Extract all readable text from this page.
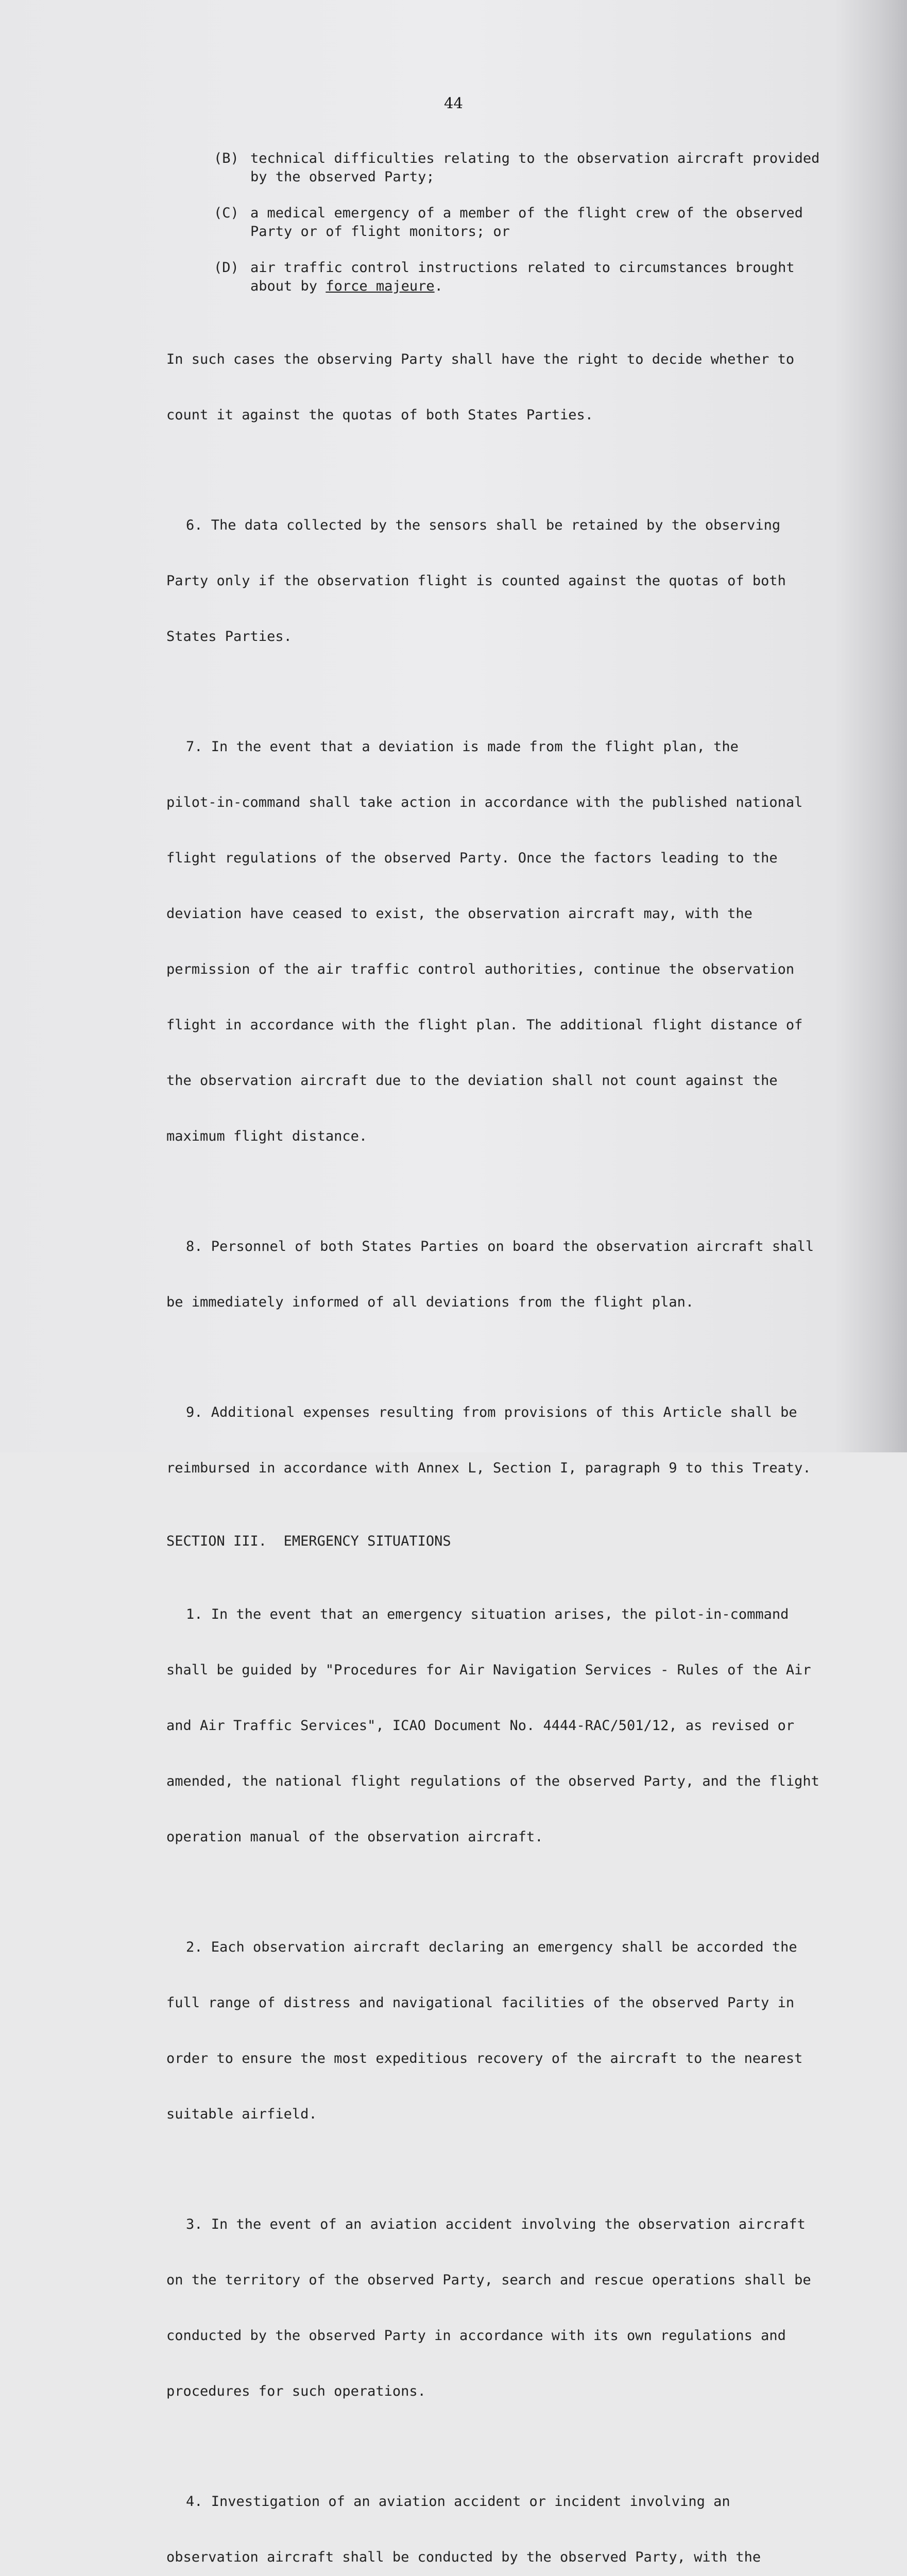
44
(B) technical difficulties relating to the observation aircraft provided
by the observed Party;
(C) a medical emergency of a member of the flight crew of the observed
Party or of flight monitors; or
(D) air traffic control instructions related to circumstances brought
about by force majeure.

In such cases the observing Party shall have the right to decide whether to

count it against the quotas of both States Parties.

6. The data collected by the sensors shall be retained by the observing

Party only if the observation flight is counted against the quotas of both

States Parties.

7. In the event that a deviation is made from the flight plan, the

pilot-in-command shall take action in accordance with the published national

flight regulations of the observed Party. Once the factors leading to the

deviation have ceased to exist, the observation aircraft may, with the

permission of the air traffic control authorities, continue the observation

flight in accordance with the flight plan. The additional flight distance of

the observation aircraft due to the deviation shall not count against the

maximum flight distance.

8. Personnel of both States Parties on board the observation aircraft shall

be immediately informed of all deviations from the flight plan.

9. Additional expenses resulting from provisions of this Article shall be

reimbursed in accordance with Annex L, Section I, paragraph 9 to this Treaty.

SECTION III.  EMERGENCY SITUATIONS

1. In the event that an emergency situation arises, the pilot-in-command

shall be guided by "Procedures for Air Navigation Services - Rules of the Air

and Air Traffic Services", ICAO Document No. 4444-RAC/501/12, as revised or

amended, the national flight regulations of the observed Party, and the flight

operation manual of the observation aircraft.

2. Each observation aircraft declaring an emergency shall be accorded the

full range of distress and navigational facilities of the observed Party in

order to ensure the most expeditious recovery of the aircraft to the nearest

suitable airfield.

3. In the event of an aviation accident involving the observation aircraft

on the territory of the observed Party, search and rescue operations shall be

conducted by the observed Party in accordance with its own regulations and

procedures for such operations.

4. Investigation of an aviation accident or incident involving an

observation aircraft shall be conducted by the observed Party, with the
